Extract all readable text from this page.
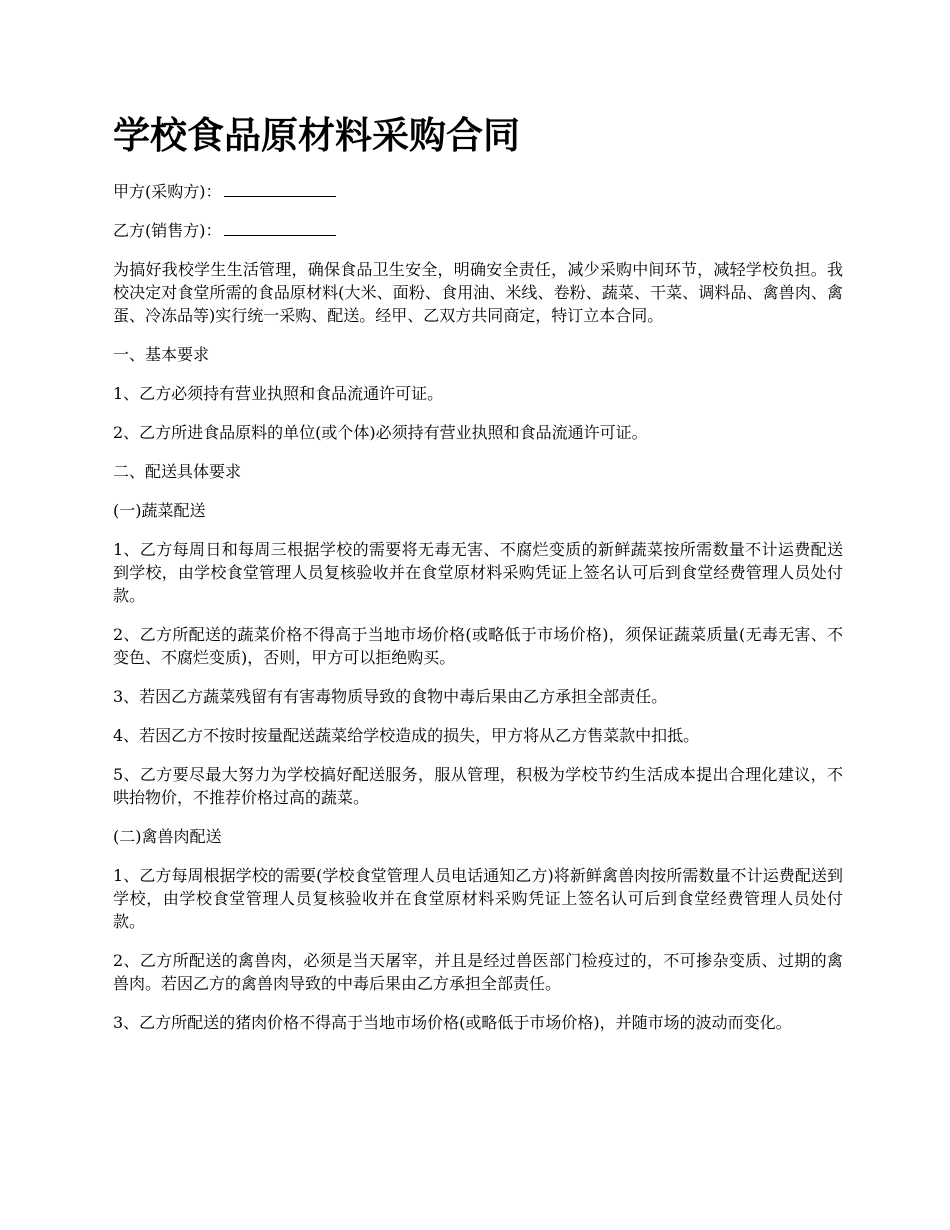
学校食品原材料采购合同
甲方(采购方)：
乙方(销售方)：

为搞好我校学生生活管理，确保食品卫生安全，明确安全责任，减少采购中间环节，减轻学校负担。我校决定对食堂所需的食品原材料(大米、面粉、食用油、米线、卷粉、蔬菜、干菜、调料品、禽兽肉、禽蛋、冷冻品等)实行统一采购、配送。经甲、乙双方共同商定，特订立本合同。

一、基本要求

1、乙方必须持有营业执照和食品流通许可证。

2、乙方所进食品原料的单位(或个体)必须持有营业执照和食品流通许可证。

二、配送具体要求

(一)蔬菜配送

1、乙方每周日和每周三根据学校的需要将无毒无害、不腐烂变质的新鲜蔬菜按所需数量不计运费配送到学校，由学校食堂管理人员复核验收并在食堂原材料采购凭证上签名认可后到食堂经费管理人员处付款。

2、乙方所配送的蔬菜价格不得高于当地市场价格(或略低于市场价格)，须保证蔬菜质量(无毒无害、不变色、不腐烂变质)，否则，甲方可以拒绝购买。

3、若因乙方蔬菜残留有有害毒物质导致的食物中毒后果由乙方承担全部责任。

4、若因乙方不按时按量配送蔬菜给学校造成的损失，甲方将从乙方售菜款中扣抵。

5、乙方要尽最大努力为学校搞好配送服务，服从管理，积极为学校节约生活成本提出合理化建议，不哄抬物价，不推荐价格过高的蔬菜。

(二)禽兽肉配送

1、乙方每周根据学校的需要(学校食堂管理人员电话通知乙方)将新鲜禽兽肉按所需数量不计运费配送到学校，由学校食堂管理人员复核验收并在食堂原材料采购凭证上签名认可后到食堂经费管理人员处付款。

2、乙方所配送的禽兽肉，必须是当天屠宰，并且是经过兽医部门检疫过的，不可掺杂变质、过期的禽兽肉。若因乙方的禽兽肉导致的中毒后果由乙方承担全部责任。

3、乙方所配送的猪肉价格不得高于当地市场价格(或略低于市场价格)，并随市场的波动而变化。
